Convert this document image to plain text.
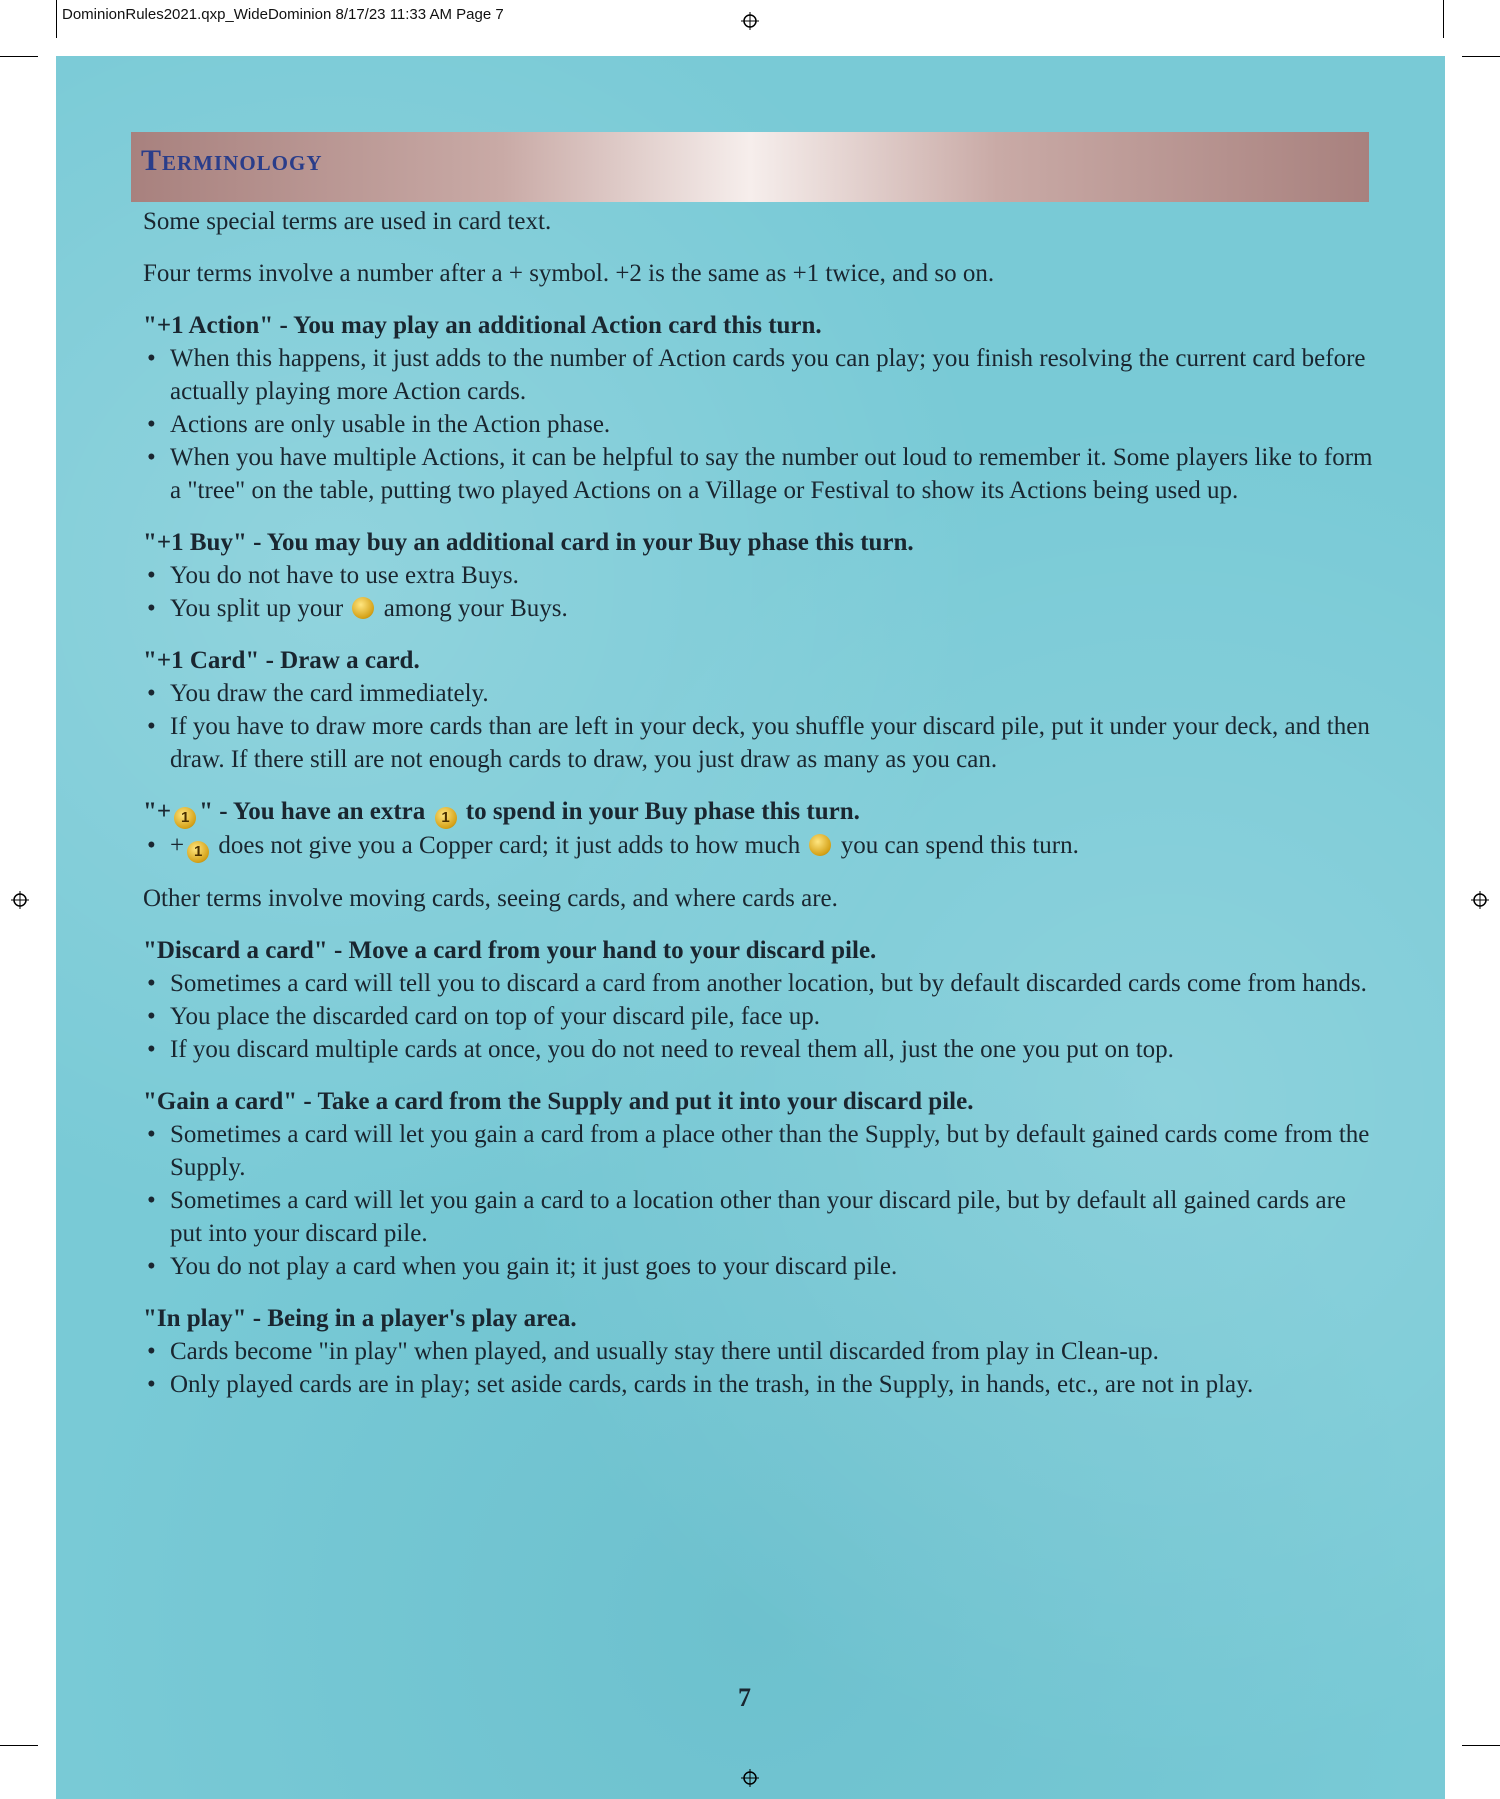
DominionRules2021.qxp_WideDominion 8/17/23 11:33 AM Page 7
Terminology

Some special terms are used in card text.

Four terms involve a number after a + symbol. +2 is the same as +1 twice, and so on.

"+1 Action" - You may play an additional Action card this turn.
• When this happens, it just adds to the number of Action cards you can play; you finish resolving the current card before actually playing more Action cards.
• Actions are only usable in the Action phase.
• When you have multiple Actions, it can be helpful to say the number out loud to remember it. Some players like to form a "tree" on the table, putting two played Actions on a Village or Festival to show its Actions being used up.
"+1 Buy" - You may buy an additional card in your Buy phase this turn.
• You do not have to use extra Buys.
• You split up your among your Buys.
"+1 Card" - Draw a card.
• You draw the card immediately.
• If you have to draw more cards than are left in your deck, you shuffle your discard pile, put it under your deck, and then draw. If there still are not enough cards to draw, you just draw as many as you can.
"+ 1 " - You have an extra 1 to spend in your Buy phase this turn.
• + 1 does not give you a Copper card; it just adds to how much you can spend this turn.

Other terms involve moving cards, seeing cards, and where cards are.

"Discard a card" - Move a card from your hand to your discard pile.
• Sometimes a card will tell you to discard a card from another location, but by default discarded cards come from hands.
• You place the discarded card on top of your discard pile, face up.
• If you discard multiple cards at once, you do not need to reveal them all, just the one you put on top.
"Gain a card" - Take a card from the Supply and put it into your discard pile.
• Sometimes a card will let you gain a card from a place other than the Supply, but by default gained cards come from the Supply.
• Sometimes a card will let you gain a card to a location other than your discard pile, but by default all gained cards are put into your discard pile.
• You do not play a card when you gain it; it just goes to your discard pile.
"In play" - Being in a player's play area.
• Cards become "in play" when played, and usually stay there until discarded from play in Clean-up.
• Only played cards are in play; set aside cards, cards in the trash, in the Supply, in hands, etc., are not in play.
7
